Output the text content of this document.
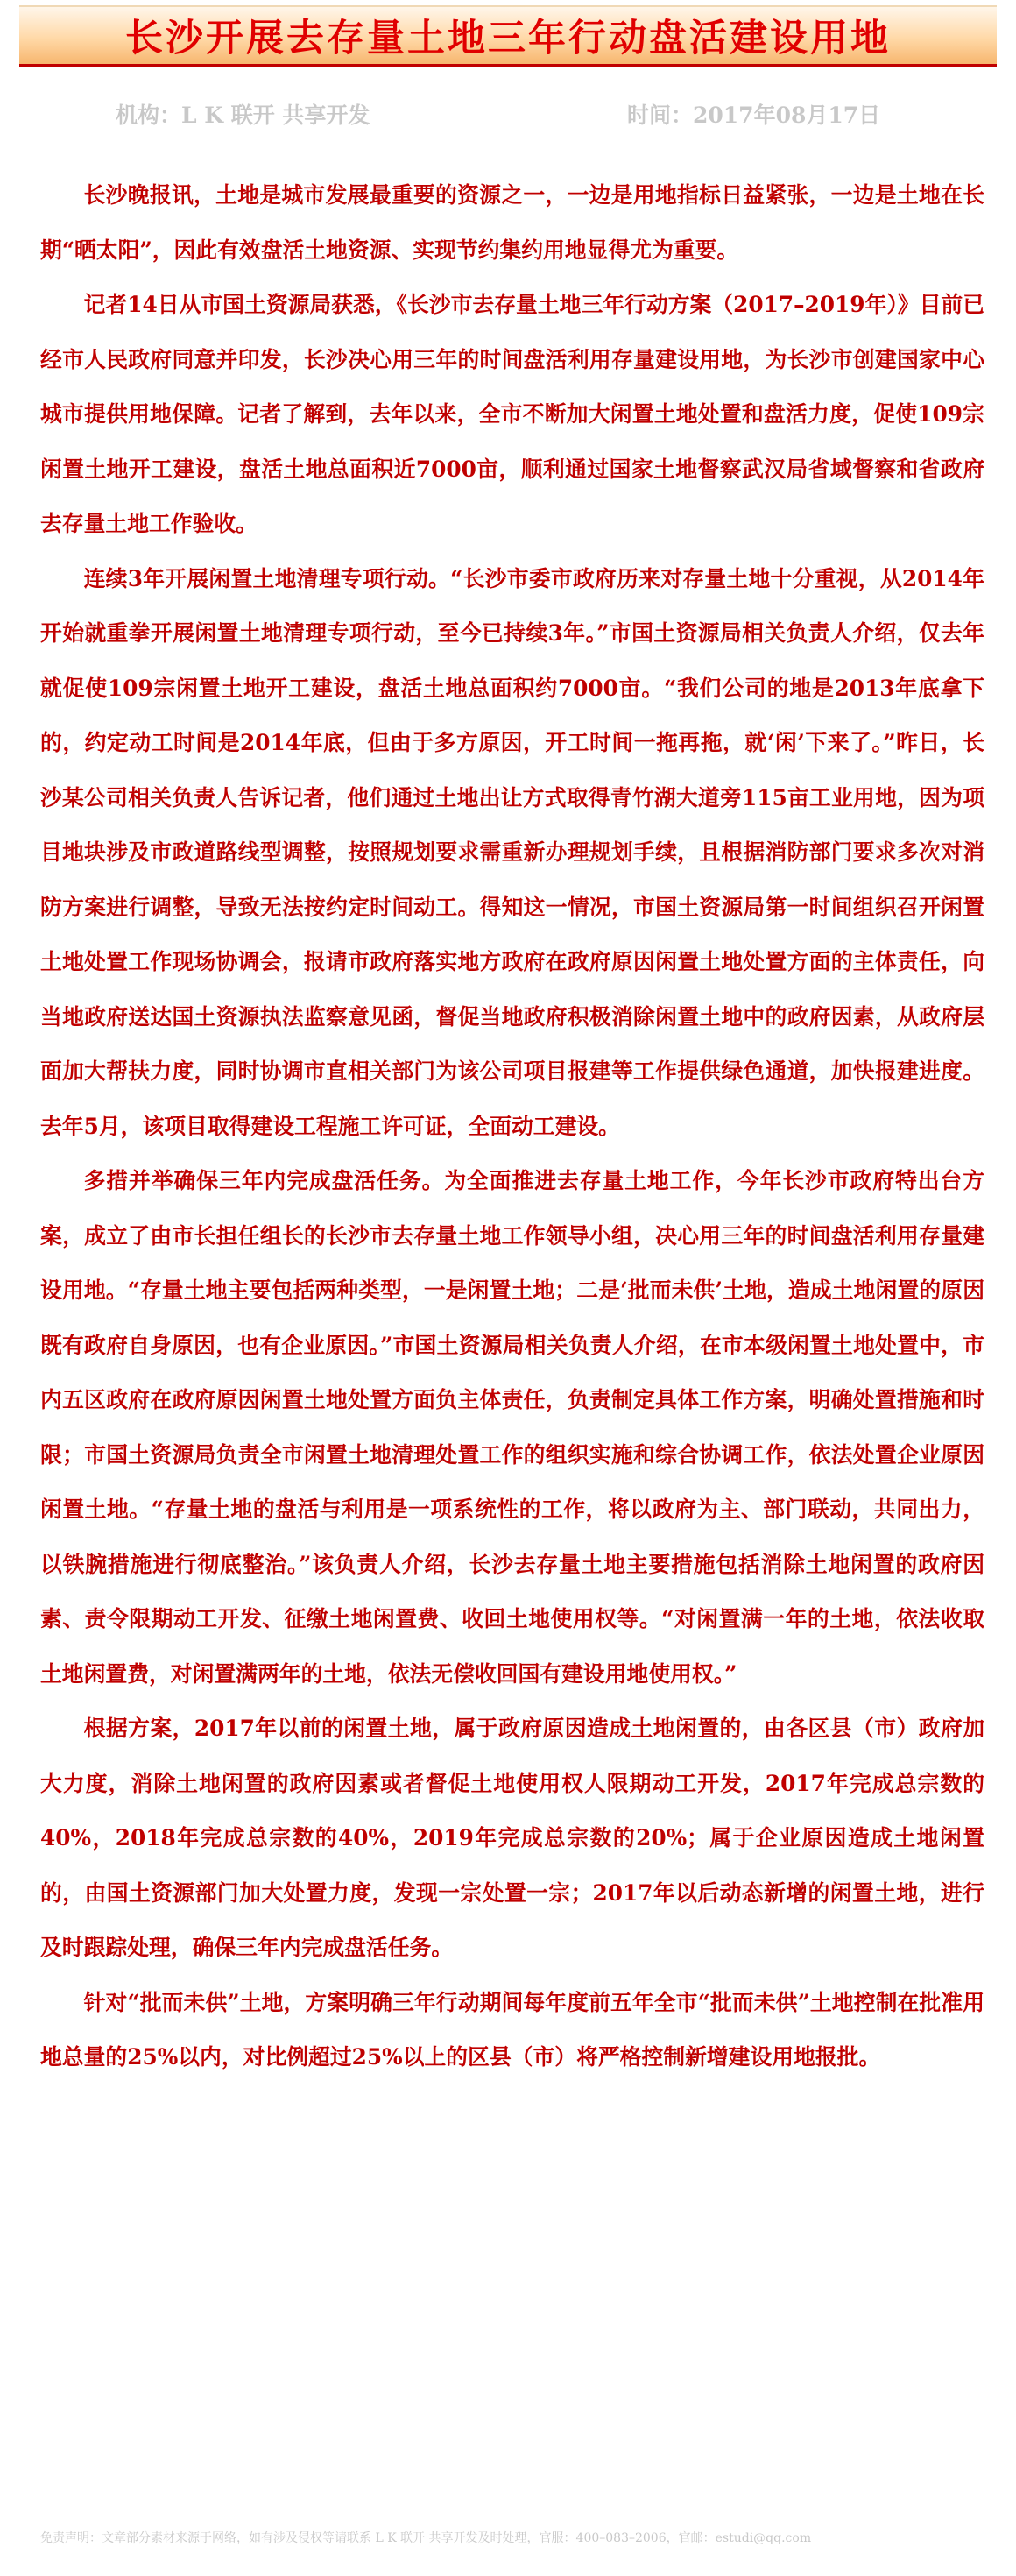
长沙开展去存量土地三年行动盘活建设用地
机构：L K 联开 共享开发	时间：2017年08月17日

长沙晚报讯，土地是城市发展最重要的资源之一，一边是用地指标日益紧张，一边是土地在长期“晒太阳”，因此有效盘活土地资源、实现节约集约用地显得尤为重要。

记者14日从市国土资源局获悉，《长沙市去存量土地三年行动方案（2017–2019年）》目前已经市人民政府同意并印发，长沙决心用三年的时间盘活利用存量建设用地，为长沙市创建国家中心城市提供用地保障。记者了解到，去年以来，全市不断加大闲置土地处置和盘活力度，促使109宗闲置土地开工建设，盘活土地总面积近7000亩，顺利通过国家土地督察武汉局省域督察和省政府去存量土地工作验收。

连续3年开展闲置土地清理专项行动。“长沙市委市政府历来对存量土地十分重视，从2014年开始就重拳开展闲置土地清理专项行动，至今已持续3年。”市国土资源局相关负责人介绍，仅去年就促使109宗闲置土地开工建设，盘活土地总面积约7000亩。“我们公司的地是2013年底拿下的，约定动工时间是2014年底，但由于多方原因，开工时间一拖再拖，就‘闲’下来了。”昨日，长沙某公司相关负责人告诉记者，他们通过土地出让方式取得青竹湖大道旁115亩工业用地，因为项目地块涉及市政道路线型调整，按照规划要求需重新办理规划手续，且根据消防部门要求多次对消防方案进行调整，导致无法按约定时间动工。得知这一情况，市国土资源局第一时间组织召开闲置土地处置工作现场协调会，报请市政府落实地方政府在政府原因闲置土地处置方面的主体责任，向当地政府送达国土资源执法监察意见函，督促当地政府积极消除闲置土地中的政府因素，从政府层面加大帮扶力度，同时协调市直相关部门为该公司项目报建等工作提供绿色通道，加快报建进度。去年5月，该项目取得建设工程施工许可证，全面动工建设。

多措并举确保三年内完成盘活任务。为全面推进去存量土地工作，今年长沙市政府特出台方案，成立了由市长担任组长的长沙市去存量土地工作领导小组，决心用三年的时间盘活利用存量建设用地。“存量土地主要包括两种类型，一是闲置土地；二是‘批而未供’土地，造成土地闲置的原因既有政府自身原因，也有企业原因。”市国土资源局相关负责人介绍，在市本级闲置土地处置中，市内五区政府在政府原因闲置土地处置方面负主体责任，负责制定具体工作方案，明确处置措施和时限；市国土资源局负责全市闲置土地清理处置工作的组织实施和综合协调工作，依法处置企业原因闲置土地。“存量土地的盘活与利用是一项系统性的工作，将以政府为主、部门联动，共同出力，以铁腕措施进行彻底整治。”该负责人介绍，长沙去存量土地主要措施包括消除土地闲置的政府因素、责令限期动工开发、征缴土地闲置费、收回土地使用权等。“对闲置满一年的土地，依法收取土地闲置费，对闲置满两年的土地，依法无偿收回国有建设用地使用权。”

根据方案，2017年以前的闲置土地，属于政府原因造成土地闲置的，由各区县（市）政府加大力度，消除土地闲置的政府因素或者督促土地使用权人限期动工开发，2017年完成总宗数的40%，2018年完成总宗数的40%，2019年完成总宗数的20%；属于企业原因造成土地闲置的，由国土资源部门加大处置力度，发现一宗处置一宗；2017年以后动态新增的闲置土地，进行及时跟踪处理，确保三年内完成盘活任务。

针对“批而未供”土地，方案明确三年行动期间每年度前五年全市“批而未供”土地控制在批准用地总量的25%以内，对比例超过25%以上的区县（市）将严格控制新增建设用地报批。

免责声明：文章部分素材来源于网络，如有涉及侵权等请联系 L K 联开 共享开发及时处理，官服：400–083–2006，官邮：estudi@qq.com
